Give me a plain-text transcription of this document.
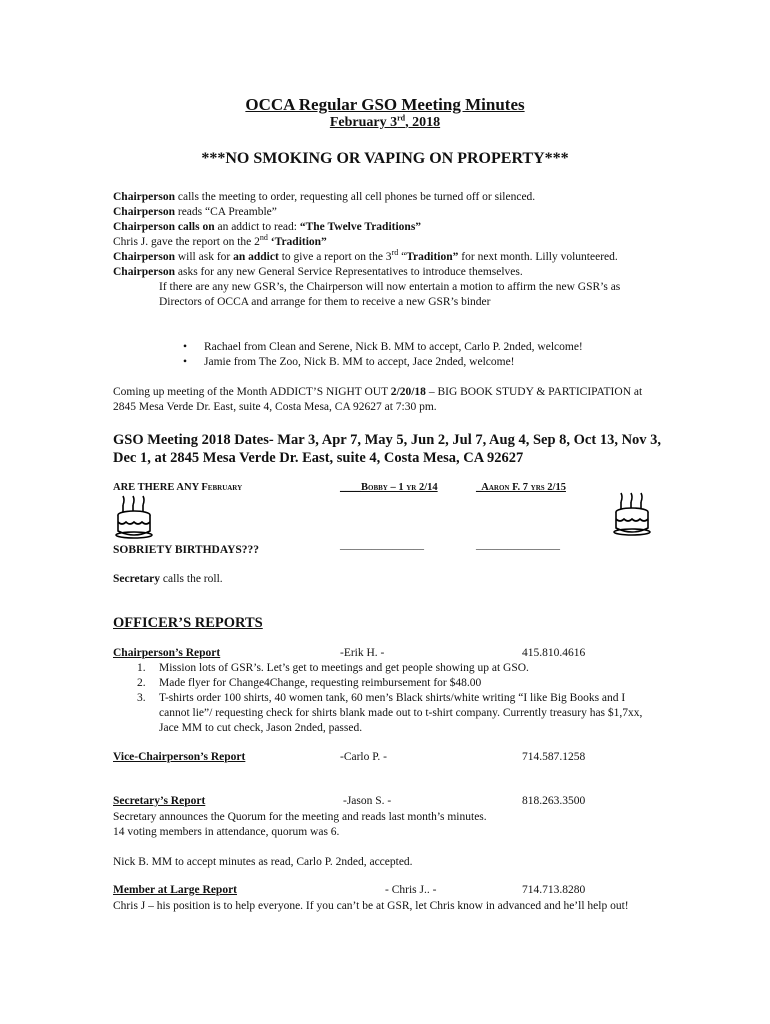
OCCA Regular GSO Meeting Minutes
February 3rd, 2018
***NO SMOKING OR VAPING ON PROPERTY***

Chairperson calls the meeting to order, requesting all cell phones be turned off or silenced.

Chairperson reads “CA Preamble”

Chairperson calls on an addict to read: “The Twelve Traditions”

Chris J. gave the report on the 2nd ‘Tradition”

Chairperson will ask for an addict to give a report on the 3rd “Tradition” for next month. Lilly volunteered.

Chairperson asks for any new General Service Representatives to introduce themselves.

If there are any new GSR’s, the Chairperson will now entertain a motion to affirm the new GSR’s as Directors of OCCA and arrange for them to receive a new GSR’s binder

• Rachael from Clean and Serene, Nick B. MM to accept, Carlo P. 2nded, welcome!
• Jamie from The Zoo, Nick B. MM to accept, Jace 2nded, welcome!

Coming up meeting of the Month ADDICT’S NIGHT OUT 2/20/18 – BIG BOOK STUDY & PARTICIPATION at 2845 Mesa Verde Dr. East, suite 4, Costa Mesa, CA 92627 at 7:30 pm.

GSO Meeting 2018 Dates- Mar 3, Apr 7, May 5, Jun 2, Jul 7, Aug 4, Sep 8, Oct 13, Nov 3, Dec 1, at 2845 Mesa Verde Dr. East, suite 4, Costa Mesa, CA 92627
ARE THERE ANY February	____Bobby – 1 yr 2/14	_Aaron F. 7 yrs 2/15
SOBRIETY BIRTHDAYS???	________________	________________

Secretary calls the roll.

OFFICER’S REPORTS
Chairperson’s Report	-Erik H. -	415.810.4616
1. Mission lots of GSR’s. Let’s get to meetings and get people showing up at GSO.
2. Made flyer for Change4Change, requesting reimbursement for $48.00
3. T-shirts order 100 shirts, 40 women tank, 60 men’s Black shirts/white writing “I like Big Books and I cannot lie”/ requesting check for shirts blank made out to t-shirt company. Currently treasury has $1,7xx, Jace MM to cut check, Jason 2nded, passed.
Vice-Chairperson’s Report	-Carlo P. -	714.587.1258
Secretary’s Report	-Jason S. -	818.263.3500

Secretary announces the Quorum for the meeting and reads last month’s minutes.

14 voting members in attendance, quorum was 6.

Nick B. MM to accept minutes as read, Carlo P. 2nded, accepted.

Member at Large Report	- Chris J.. -	714.713.8280

Chris J – his position is to help everyone. If you can’t be at GSR, let Chris know in advanced and he’ll help out!
